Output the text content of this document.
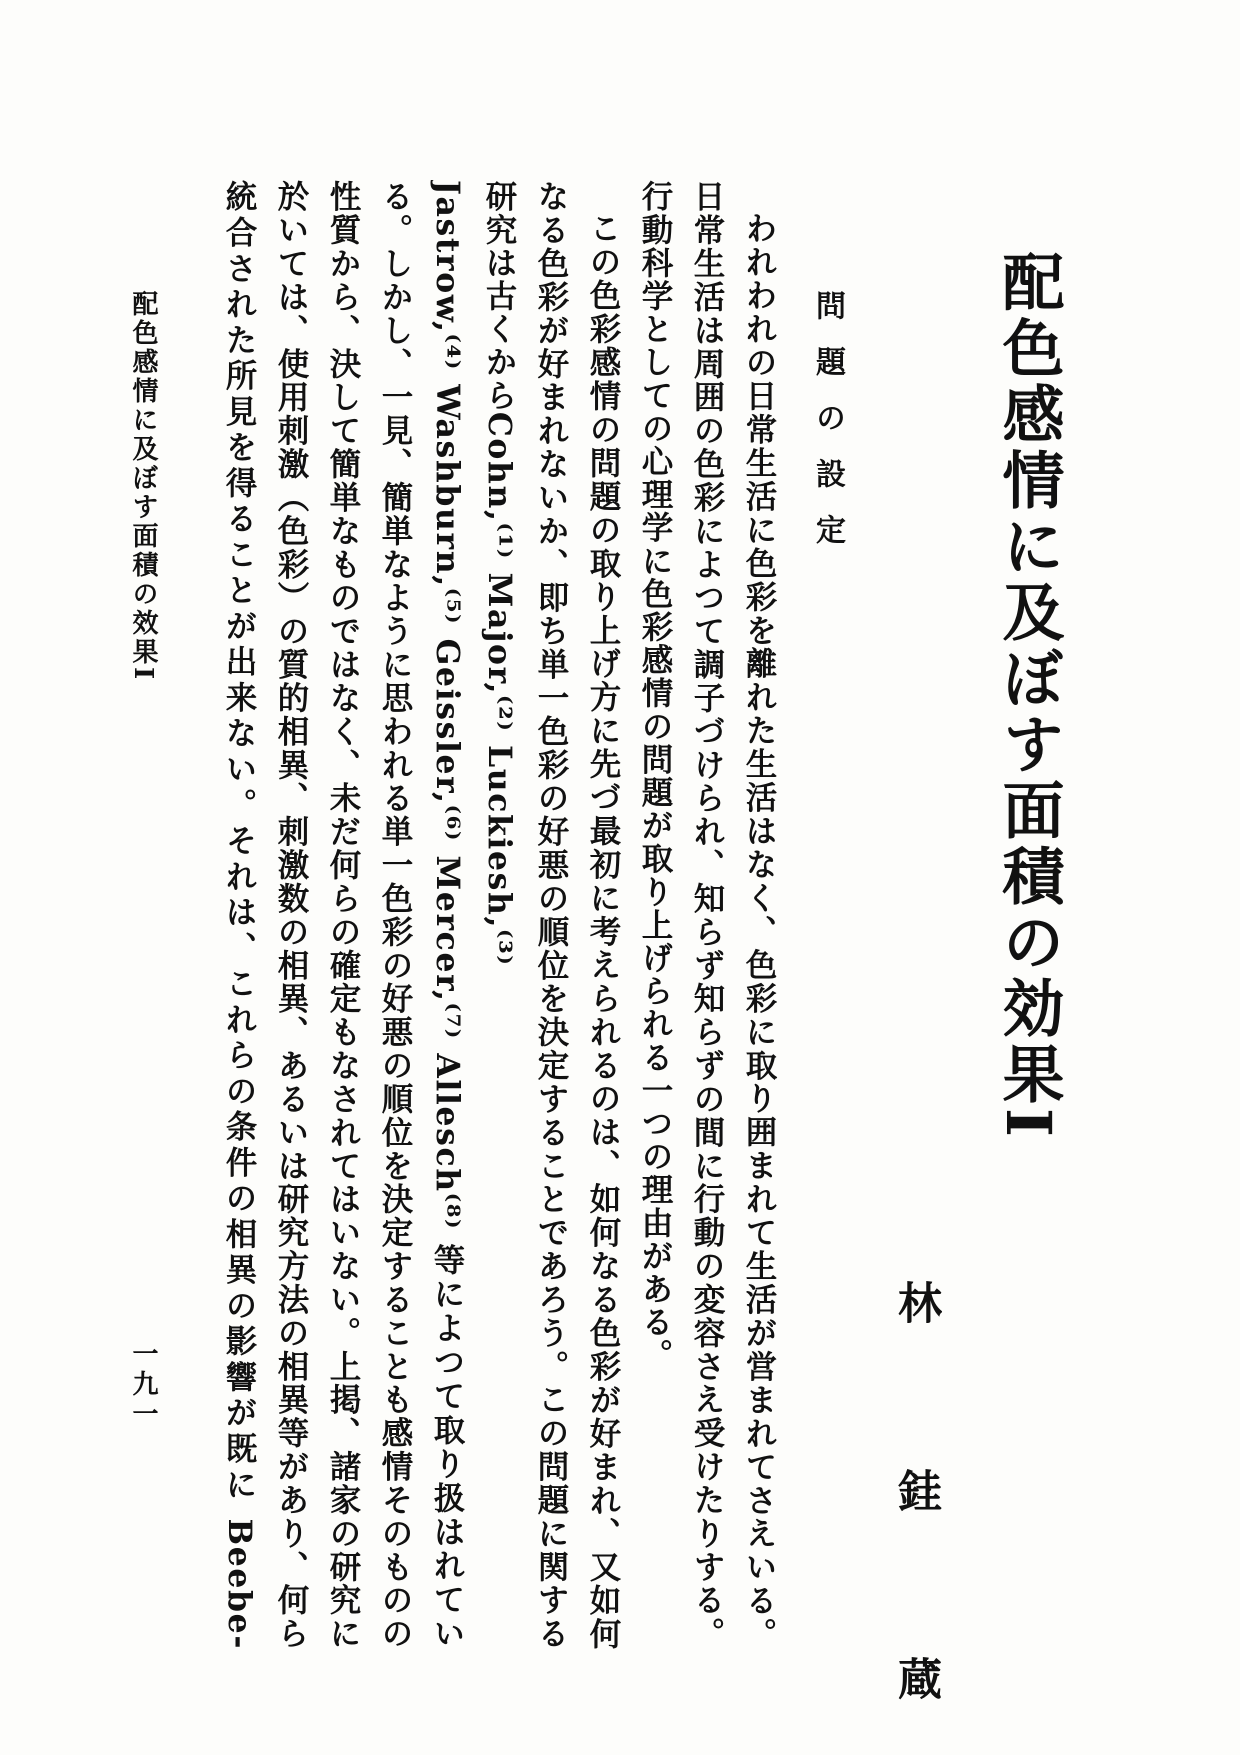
配色感情に及ぼす面積の効果I
林　銈　蔵
問題の設定

われわれの日常生活に色彩を離れた生活はなく、色彩に取り囲まれて生活が営まれてさえいる。日常生活は周囲の色彩によつて調子づけられ、知らず知らずの間に行動の変容さえ受けたりする。行動科学としての心理学に色彩感情の問題が取り上げられる一つの理由がある。

この色彩感情の問題の取り上げ方に先づ最初に考えられるのは、如何なる色彩が好まれ、又如何なる色彩が好まれないか、即ち単一色彩の好悪の順位を決定することであろう。この問題に関する研究は古くからCohn,⁽¹⁾ Major,⁽²⁾ Luckiesh,⁽³⁾

Jastrow,⁽⁴⁾ Washburn,⁽⁵⁾ Geissler,⁽⁶⁾ Mercer,⁽⁷⁾ Allesch⁽⁸⁾ 等によつて取り扱はれている。しかし、一見、簡単なように思われる単一色彩の好悪の順位を決定することも感情そのものの性質から、決して簡単なものではなく、未だ何らの確定もなされてはいない。上掲、諸家の研究に於いては、使用刺激（色彩）の質的相異、刺激数の相異、あるいは研究方法の相異等があり、何ら統合された所見を得ることが出来ない。それは、これらの条件の相異の影響が既に Beebe-

配色感情に及ぼす面積の效果I
一九一
